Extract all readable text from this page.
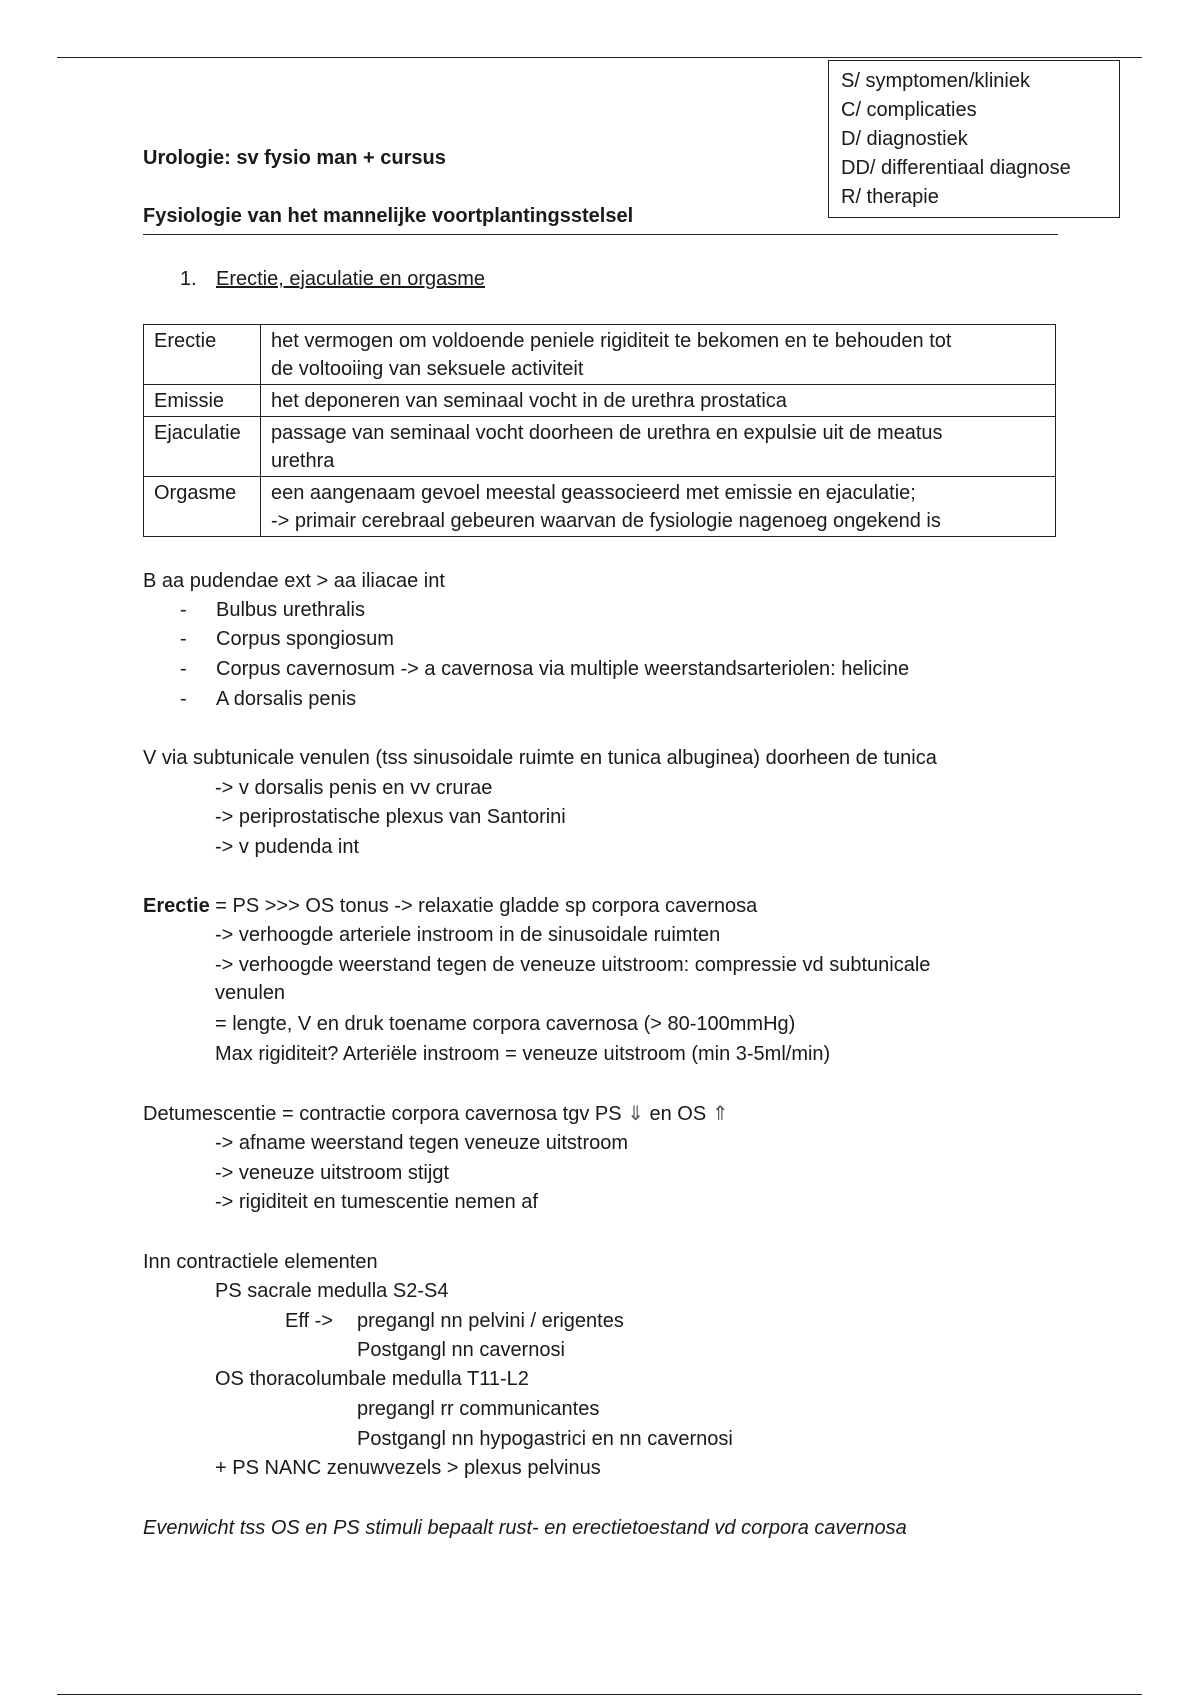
S/ symptomen/kliniek
C/ complicaties
D/ diagnostiek
DD/ differentiaal diagnose
R/ therapie
Urologie: sv fysio man + cursus
Fysiologie van het mannelijke voortplantingsstelsel
1. Erectie, ejaculatie en orgasme
Erectie	het vermogen om voldoende peniele rigiditeit te bekomen en te behouden tot
de voltooiing van seksuele activiteit
Emissie	het deponeren van seminaal vocht in de urethra prostatica
Ejaculatie	passage van seminaal vocht doorheen de urethra en expulsie uit de meatus
urethra
Orgasme	een aangenaam gevoel meestal geassocieerd met emissie en ejaculatie;
-> primair cerebraal gebeuren waarvan de fysiologie nagenoeg ongekend is
B aa pudendae ext > aa iliacae int
- Bulbus urethralis
- Corpus spongiosum
- Corpus cavernosum -> a cavernosa via multiple weerstandsarteriolen: helicine
- A dorsalis penis
V via subtunicale venulen (tss sinusoidale ruimte en tunica albuginea) doorheen de tunica
-> v dorsalis penis en vv crurae
-> periprostatische plexus van Santorini
-> v pudenda int
Erectie = PS >>> OS tonus -> relaxatie gladde sp corpora cavernosa
-> verhoogde arteriele instroom in de sinusoidale ruimten
-> verhoogde weerstand tegen de veneuze uitstroom: compressie vd subtunicale
venulen
= lengte, V en druk toename corpora cavernosa (> 80-100mmHg)
Max rigiditeit? Arteriële instroom = veneuze uitstroom (min 3-5ml/min)
Detumescentie = contractie corpora cavernosa tgv PS ⇓ en OS ⇑
-> afname weerstand tegen veneuze uitstroom
-> veneuze uitstroom stijgt
-> rigiditeit en tumescentie nemen af
Inn contractiele elementen
PS sacrale medulla S2-S4
Eff -> pregangl nn pelvini / erigentes
Postgangl nn cavernosi
OS thoracolumbale medulla T11-L2
pregangl rr communicantes
Postgangl nn hypogastrici en nn cavernosi
+ PS NANC zenuwvezels > plexus pelvinus
Evenwicht tss OS en PS stimuli bepaalt rust- en erectietoestand vd corpora cavernosa
